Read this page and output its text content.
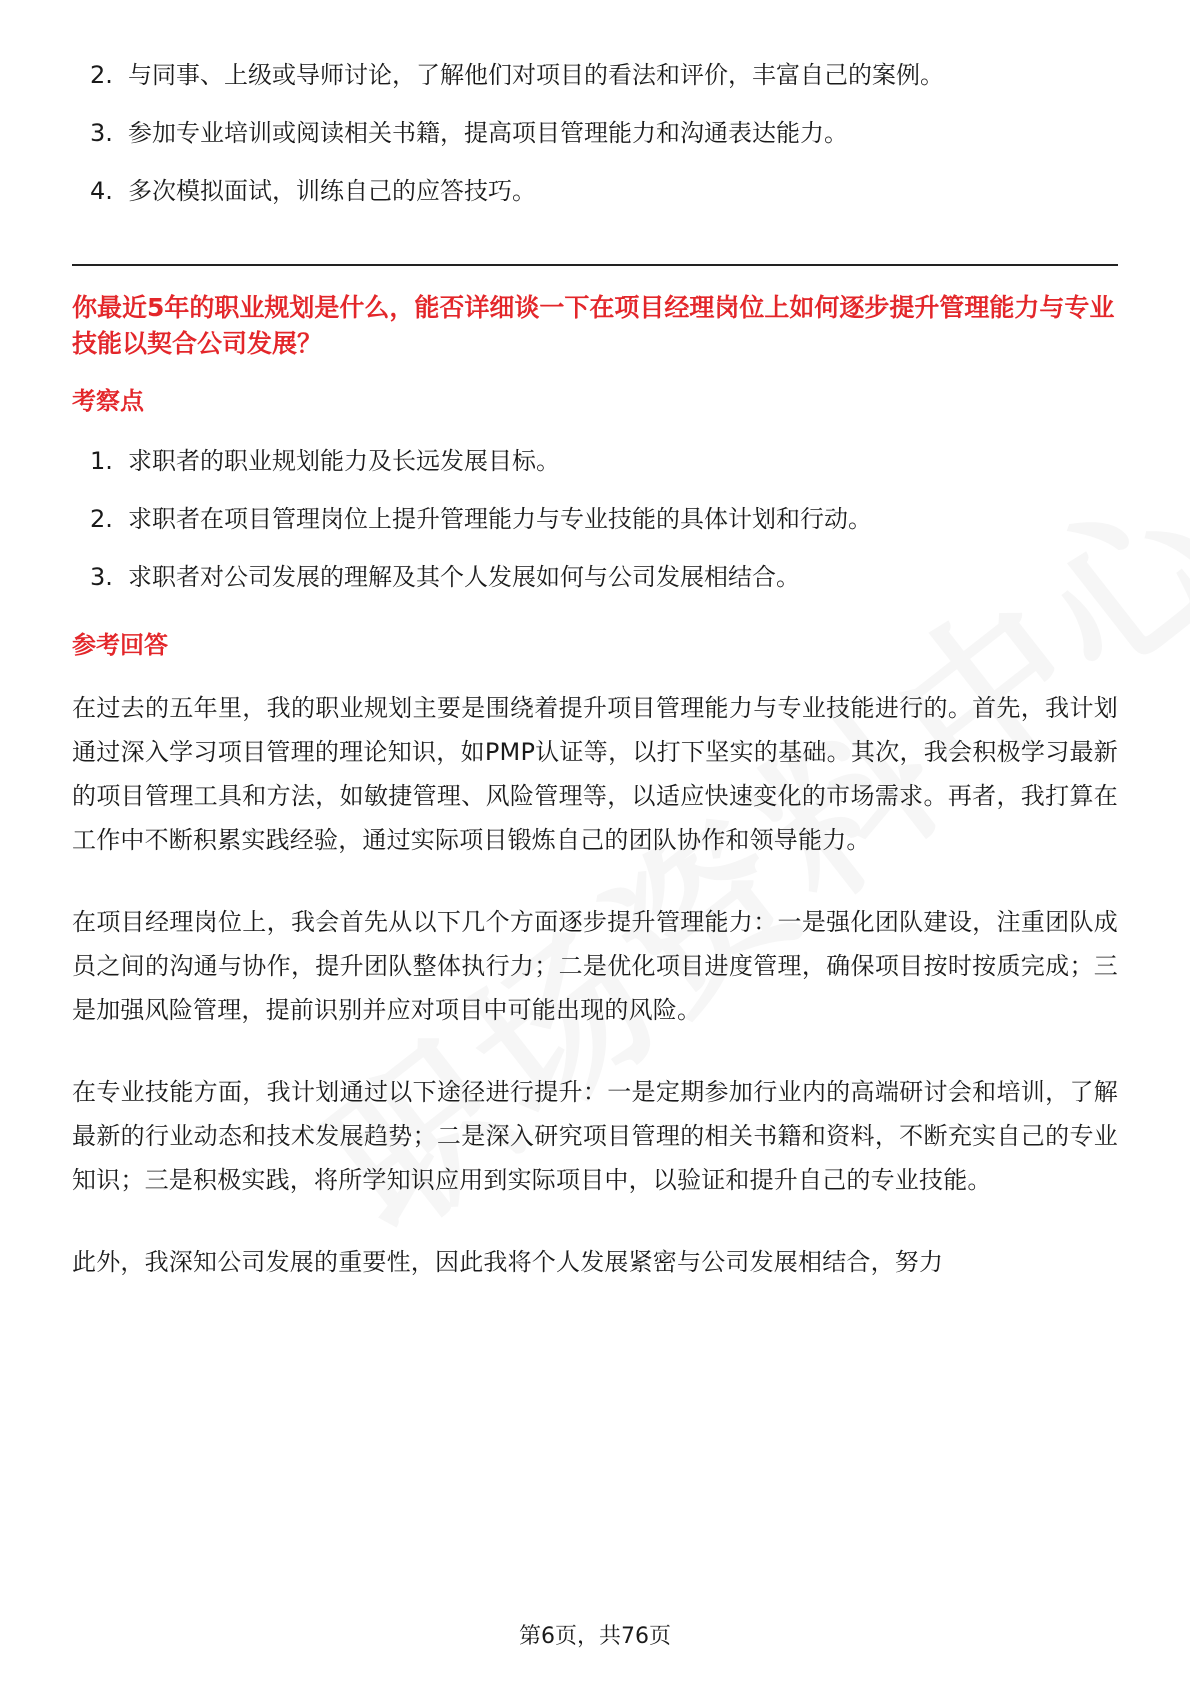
2. 与同事、上级或导师讨论，了解他们对项目的看法和评价，丰富自己的案例。
3. 参加专业培训或阅读相关书籍，提高项目管理能力和沟通表达能力。
4. 多次模拟面试，训练自己的应答技巧。
你最近5年的职业规划是什么，能否详细谈一下在项目经理岗位上如何逐步提升管理能力与专业技能以契合公司发展？
考察点
1. 求职者的职业规划能力及长远发展目标。
2. 求职者在项目管理岗位上提升管理能力与专业技能的具体计划和行动。
3. 求职者对公司发展的理解及其个人发展如何与公司发展相结合。
参考回答

在过去的五年里，我的职业规划主要是围绕着提升项目管理能力与专业技能进行的。首先，我计划通过深入学习项目管理的理论知识，如PMP认证等，以打下坚实的基础。其次，我会积极学习最新的项目管理工具和方法，如敏捷管理、风险管理等，以适应快速变化的市场需求。再者，我打算在工作中不断积累实践经验，通过实际项目锻炼自己的团队协作和领导能力。

在项目经理岗位上，我会首先从以下几个方面逐步提升管理能力：一是强化团队建设，注重团队成员之间的沟通与协作，提升团队整体执行力；二是优化项目进度管理，确保项目按时按质完成；三是加强风险管理，提前识别并应对项目中可能出现的风险。

在专业技能方面，我计划通过以下途径进行提升：一是定期参加行业内的高端研讨会和培训，了解最新的行业动态和技术发展趋势；二是深入研究项目管理的相关书籍和资料，不断充实自己的专业知识；三是积极实践，将所学知识应用到实际项目中，以验证和提升自己的专业技能。

此外，我深知公司发展的重要性，因此我将个人发展紧密与公司发展相结合，努力

第6页，共76页
